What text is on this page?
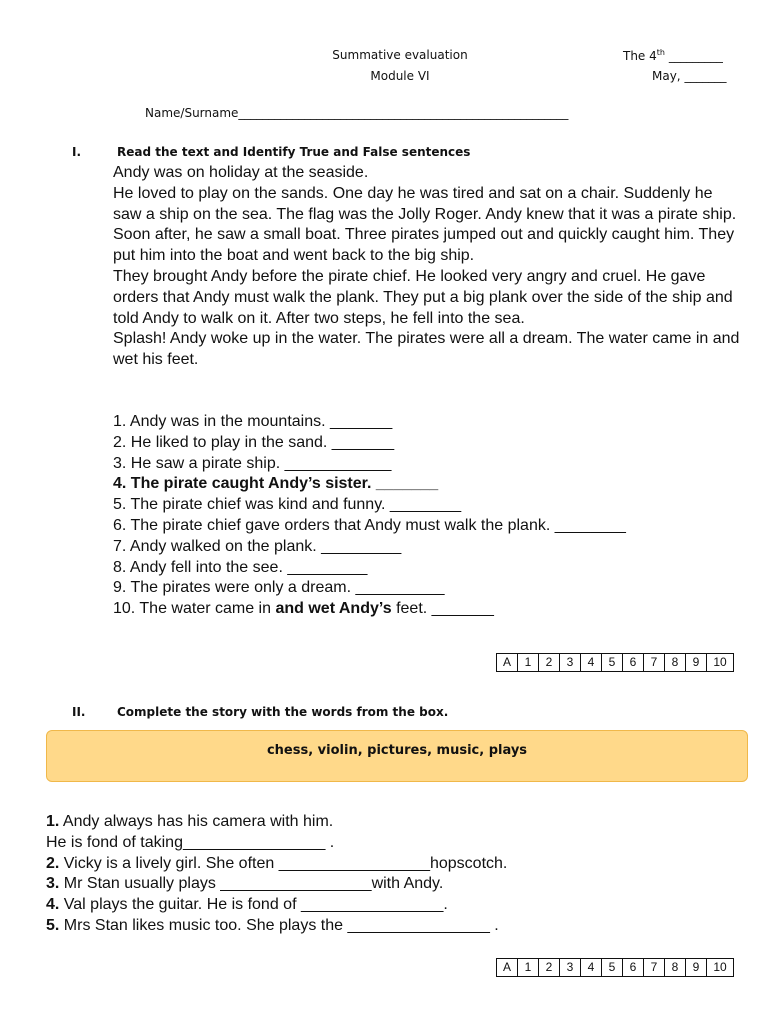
Summative evaluation
Module VI
The 4th _________
May, _______
Name/Surname_______________________________________________________
I.	Read the text and Identify True and False sentences

Andy was on holiday at the seaside.

He loved to play on the sands. One day he was tired and sat on a chair. Suddenly he saw a ship on the sea. The flag was the Jolly Roger. Andy knew that it was a pirate ship. Soon after, he saw a small boat. Three pirates jumped out and quickly caught him. They put him into the boat and went back to the big ship.

They brought Andy before the pirate chief. He looked very angry and cruel. He gave orders that Andy must walk the plank. They put a big plank over the side of the ship and told Andy to walk on it. After two steps, he fell into the sea.

Splash! Andy woke up in the water. The pirates were all a dream. The water came in and wet his feet.

1. Andy was in the mountains. _______
2. He liked to play in the sand. _______
3. He saw a pirate ship. ____________
4. The pirate caught Andy’s sister. _______
5. The pirate chief was kind and funny. ________
6. The pirate chief gave orders that Andy must walk the plank. ________
7. Andy walked on the plank. _________
8. Andy fell into the see. _________
9. The pirates were only a dream. __________
10. The water came in and wet Andy’s feet. _______
A	1	2	3	4	5	6	7	8	9	10
II.	Complete the story with the words from the box.
chess, violin, pictures, music, plays
1. Andy always has his camera with him.
He is fond of taking________________ .
2. Vicky is a lively girl. She often _________________hopscotch.
3. Mr Stan usually plays _________________with Andy.
4. Val plays the guitar. He is fond of ________________.
5. Mrs Stan likes music too. She plays the ________________ .
A	1	2	3	4	5	6	7	8	9	10
